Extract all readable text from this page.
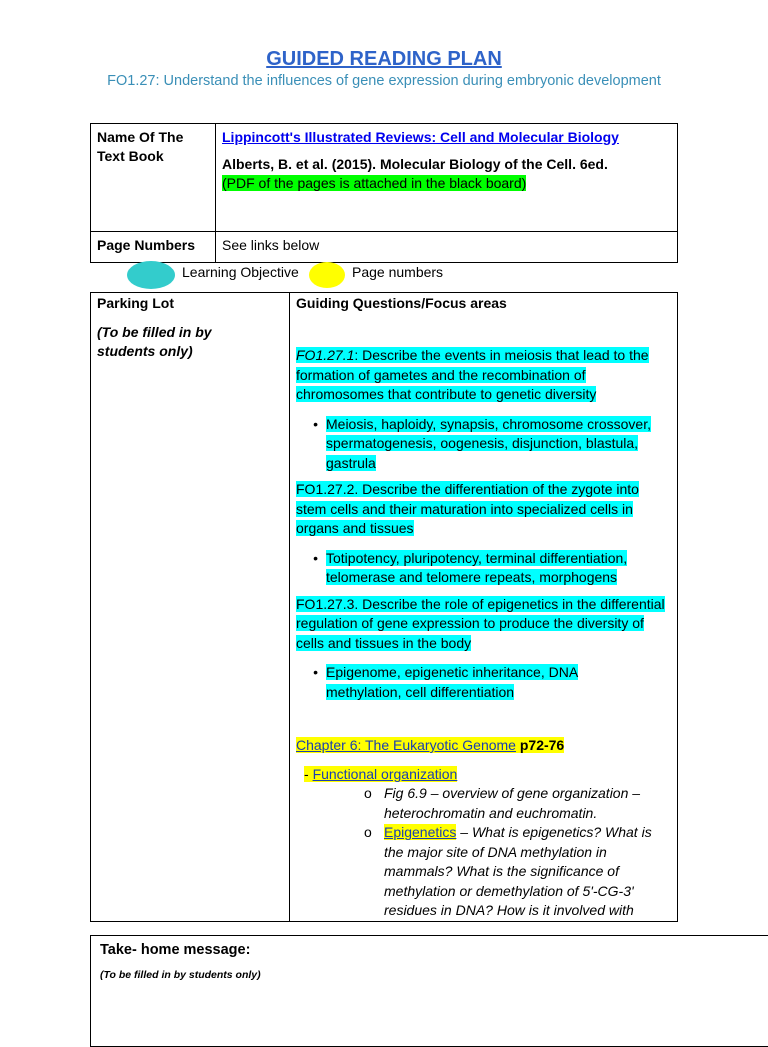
GUIDED READING PLAN
FO1.27: Understand the influences of gene expression during embryonic development
Name Of The Text Book	Lippincott's Illustrated Reviews: Cell and Molecular Biology
Alberts, B. et al. (2015). Molecular Biology of the Cell. 6ed.
(PDF of the pages is attached in the black board)

Page Numbers	See links below
Learning Objective	Page numbers
Parking Lot
(To be filled in by students only)

Guiding Questions/Focus areas
FO1.27.1: Describe the events in meiosis that lead to the formation of gametes and the recombination of chromosomes that contribute to genetic diversity
• Meiosis, haploidy, synapsis, chromosome crossover, spermatogenesis, oogenesis, disjunction, blastula, gastrula
FO1.27.2. Describe the differentiation of the zygote into stem cells and their maturation into specialized cells in organs and tissues
• Totipotency, pluripotency, terminal differentiation, telomerase and telomere repeats, morphogens
FO1.27.3. Describe the role of epigenetics in the differential regulation of gene expression to produce the diversity of cells and tissues in the body
• Epigenome, epigenetic inheritance, DNA methylation, cell differentiation
Chapter 6: The Eukaryotic Genome p72-76
- Functional organization
o Fig 6.9 – overview of gene organization – heterochromatin and euchromatin.
o Epigenetics – What is epigenetics? What is the major site of DNA methylation in mammals? What is the significance of methylation or demethylation of 5'-CG-3' residues in DNA? How is it involved with
Take- home message:
(To be filled in by students only)
